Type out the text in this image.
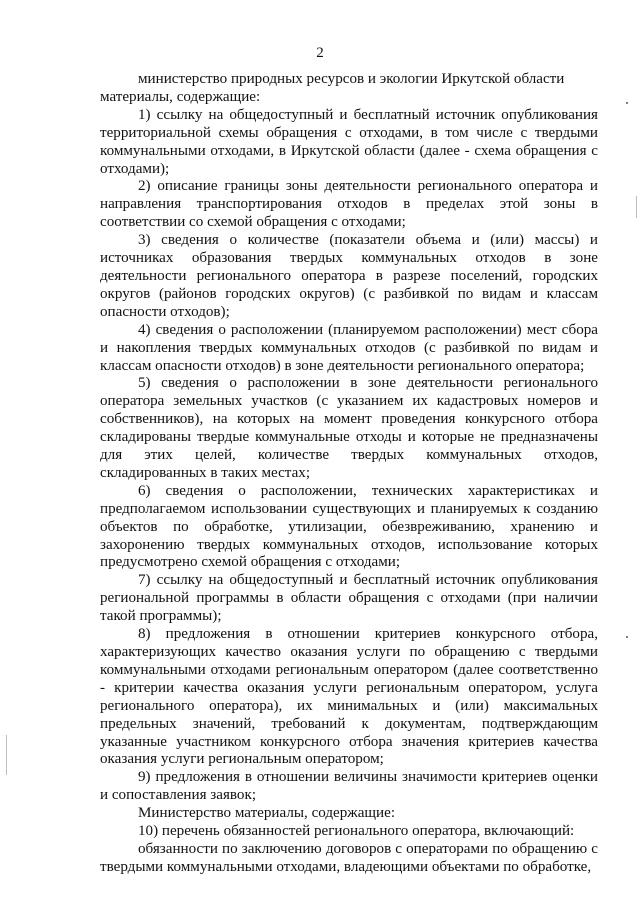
2

министерство природных ресурсов и экологии Иркутской области

материалы, содержащие:

1) ссылку на общедоступный и бесплатный источник опубликования территориальной схемы обращения с отходами, в том числе с твердыми коммунальными отходами, в Иркутской области (далее - схема обращения с отходами);

2) описание границы зоны деятельности регионального оператора и направления транспортирования отходов в пределах этой зоны в соответствии со схемой обращения с отходами;

3) сведения о количестве (показатели объема и (или) массы) и источниках образования твердых коммунальных отходов в зоне деятельности регионального оператора в разрезе поселений, городских округов (районов городских округов) (с разбивкой по видам и классам опасности отходов);

4) сведения о расположении (планируемом расположении) мест сбора и накопления твердых коммунальных отходов (с разбивкой по видам и классам опасности отходов) в зоне деятельности регионального оператора;

5) сведения о расположении в зоне деятельности регионального оператора земельных участков (с указанием их кадастровых номеров и собственников), на которых на момент проведения конкурсного отбора складированы твердые коммунальные отходы и которые не предназначены для этих целей, количестве твердых коммунальных отходов, складированных в таких местах;

6) сведения о расположении, технических характеристиках и предполагаемом использовании существующих и планируемых к созданию объектов по обработке, утилизации, обезвреживанию, хранению и захоронению твердых коммунальных отходов, использование которых предусмотрено схемой обращения с отходами;

7) ссылку на общедоступный и бесплатный источник опубликования региональной программы в области обращения с отходами (при наличии такой программы);

8) предложения в отношении критериев конкурсного отбора, характеризующих качество оказания услуги по обращению с твердыми коммунальными отходами региональным оператором (далее соответственно - критерии качества оказания услуги региональным оператором, услуга регионального оператора), их минимальных и (или) максимальных предельных значений, требований к документам, подтверждающим указанные участником конкурсного отбора значения критериев качества оказания услуги региональным оператором;

9) предложения в отношении величины значимости критериев оценки и сопоставления заявок;

Министерство материалы, содержащие:

10) перечень обязанностей регионального оператора, включающий:

обязанности по заключению договоров с операторами по обращению с твердыми коммунальными отходами, владеющими объектами по обработке,
